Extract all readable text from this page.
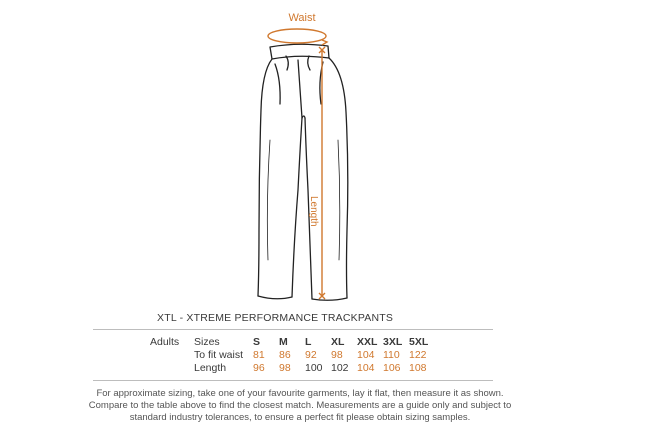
Waist
Length
XTL - XTREME PERFORMANCE TRACKPANTS
Adults	Sizes	S	M	L	XL	XXL	3XL	5XL
	To fit waist	81	86	92	98	104	110	122
	Length	96	98	100	102	104	106	108
For approximate sizing, take one of your favourite garments, lay it flat, then measure it as shown.
Compare to the table above to find the closest match. Measurements are a guide only and subject to
standard industry tolerances, to ensure a perfect fit please obtain sizing samples.
